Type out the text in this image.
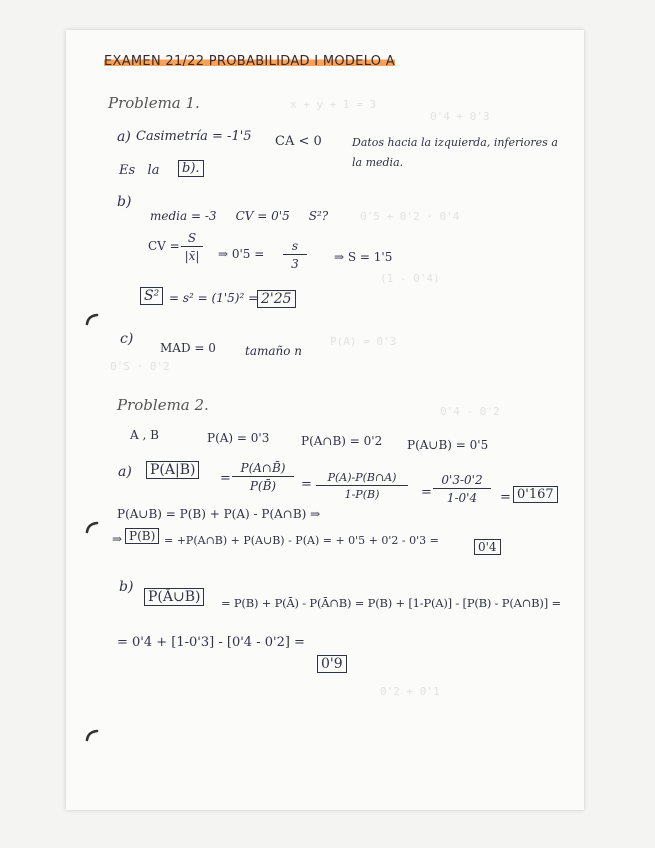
x + y + 1 = 3
0'4 + 0'3
0'5 + 0'2 · 0'4
(1 - 0'4)
0'5 · 0'2
P(A) = 0'3
0'4 - 0'2
0'2 + 0'1
EXAMEN 21/22 PROBABILIDAD I MODELO A
Problema 1.
a) Casimetría = -1'5 CA < 0	Datos hacia la izquierda, inferiores a
la media.
Es   la	b).
b)
media = -3     CV = 0'5     S²?
CV = $\frac{S}{|x̄|}$ ⇒ $0'5 = \frac{s}{3}$ ⇒ S = 1'5
S² = s² = (1'5)² = 2'25
c)
MAD = 0 tamaño n
Problema 2.
A , B	P(A) = 0'3	P(A∩B) = 0'2 P(A∪B) = 0'5
a) P(A|B̄)
= $\frac{P(A\cap B̄)}{P(B̄)} = \frac{P(A)-P(B\cap A)}{1-P(B)} = \frac{0'3-0'2}{1-0'4} = 0'167$
P(A∪B) = P(B) + P(A) - P(A∩B) ⇒
⇒ P(B) = +P(A∩B) + P(A∪B) - P(A) = + 0'5 + 0'2 - 0'3 =	0'4
b)
P(Ā∪B)	= P(B) + P(Ā) - P(Ā∩B) = P(B) + [1-P(A)] - [P(B) - P(A∩B)] =
= 0'4 + [1-0'3] - [0'4 - 0'2] =
0'9
